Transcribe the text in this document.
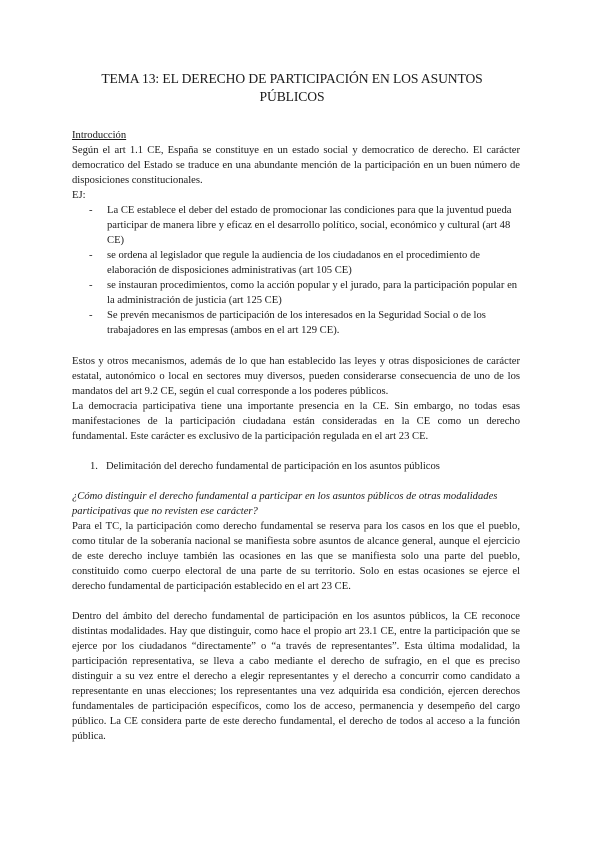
TEMA 13: EL DERECHO DE PARTICIPACIÓN EN LOS ASUNTOS PÚBLICOS

Introducción

Según el art 1.1 CE, España se constituye en un estado social y democratico de derecho. El carácter democratico del Estado se traduce en una abundante mención de la participación en un buen número de disposiciones constitucionales.

EJ:

- La CE establece el deber del estado de promocionar las condiciones para que la juventud pueda participar de manera libre y eficaz en el desarrollo político, social, económico y cultural (art 48 CE)
- se ordena al legislador que regule la audiencia de los ciudadanos en el procedimiento de elaboración de disposiciones administrativas (art 105 CE)
- se instauran procedimientos, como la acción popular y el jurado, para la participación popular en la administración de justicia (art 125 CE)
- Se prevén mecanismos de participación de los interesados en la Seguridad Social o de los trabajadores en las empresas (ambos en el art 129 CE).

Estos y otros mecanismos, además de lo que han establecido las leyes y otras disposiciones de carácter estatal, autonómico o local en sectores muy diversos, pueden considerarse consecuencia de uno de los mandatos del art 9.2 CE, según el cual corresponde a los poderes públicos.

La democracia participativa tiene una importante presencia en la CE. Sin embargo, no todas esas manifestaciones de la participación ciudadana están consideradas en la CE como un derecho fundamental. Este carácter es exclusivo de la participación regulada en el art 23 CE.

1. Delimitación del derecho fundamental de participación en los asuntos públicos

¿Cómo distinguir el derecho fundamental a participar en los asuntos públicos de otras modalidades participativas que no revisten ese carácter?

Para el TC, la participación como derecho fundamental se reserva para los casos en los que el pueblo, como titular de la soberanía nacional se manifiesta sobre asuntos de alcance general, aunque el ejercicio de este derecho incluye también las ocasiones en las que se manifiesta solo una parte del pueblo, constituido como cuerpo electoral de una parte de su territorio. Solo en estas ocasiones se ejerce el derecho fundamental de participación establecido en el art 23 CE.

Dentro del ámbito del derecho fundamental de participación en los asuntos públicos, la CE reconoce distintas modalidades. Hay que distinguir, como hace el propio art 23.1 CE, entre la participación que se ejerce por los ciudadanos “directamente” o “a través de representantes”. Esta última modalidad, la participación representativa, se lleva a cabo mediante el derecho de sufragio, en el que es preciso distinguir a su vez entre el derecho a elegir representantes y el derecho a concurrir como candidato a representante en unas elecciones; los representantes una vez adquirida esa condición, ejercen derechos fundamentales de participación específicos, como los de acceso, permanencia y desempeño del cargo público. La CE considera parte de este derecho fundamental, el derecho de todos al acceso a la función pública.
